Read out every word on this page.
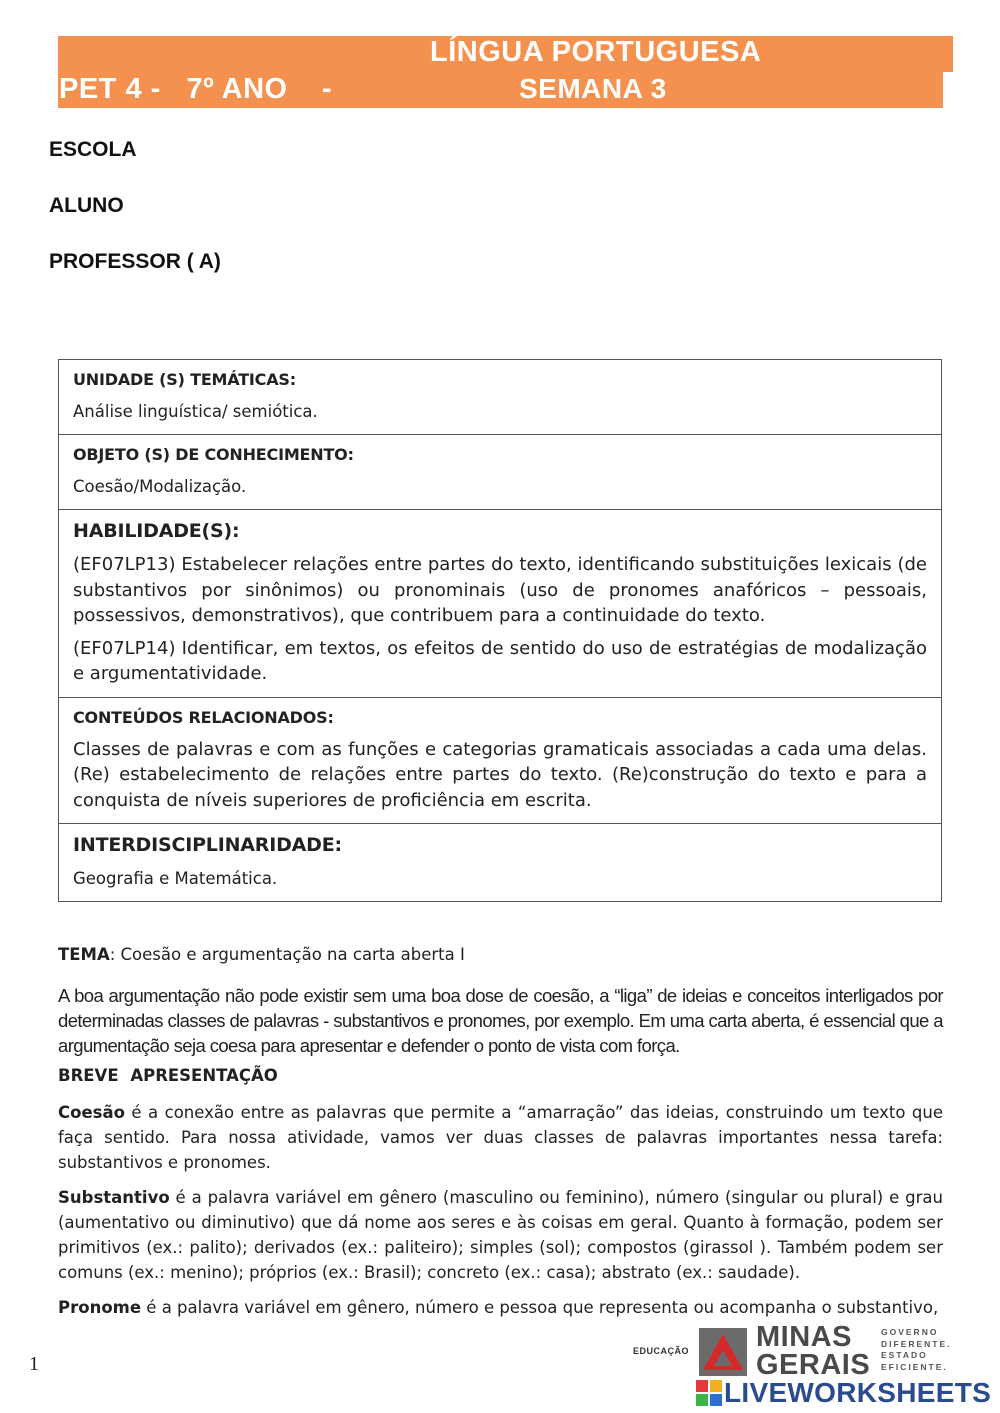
LÍNGUA PORTUGUESA
PET 4 -   7º ANO    -	SEMANA 3
ESCOLA
ALUNO
PROFESSOR ( A)
UNIDADE (S) TEMÁTICAS:
Análise linguística/ semiótica.
OBJETO (S) DE CONHECIMENTO:
Coesão/Modalização.
HABILIDADE(S):
(EF07LP13) Estabelecer relações entre partes do texto, identificando substituições lexicais (de substantivos por sinônimos) ou pronominais (uso de pronomes anafóricos – pessoais, possessivos, demonstrativos), que contribuem para a continuidade do texto.
(EF07LP14) Identificar, em textos, os efeitos de sentido do uso de estratégias de modalização e argumentatividade.
CONTEÚDOS RELACIONADOS:
Classes de palavras e com as funções e categorias gramaticais associadas a cada uma delas. (Re) estabelecimento de relações entre partes do texto. (Re)construção do texto e para a conquista de níveis superiores de proficiência em escrita.
INTERDISCIPLINARIDADE:
Geografia e Matemática.
TEMA: Coesão e argumentação na carta aberta I
A boa argumentação não pode existir sem uma boa dose de coesão, a “liga” de ideias e conceitos interligados por determinadas classes de palavras - substantivos e pronomes, por exemplo. Em uma carta aberta, é essencial que a argumentação seja coesa para apresentar e defender o ponto de vista com força.
BREVE APRESENTAÇÃO
Coesão é a conexão entre as palavras que permite a “amarração” das ideias, construindo um texto que faça sentido. Para nossa atividade, vamos ver duas classes de palavras importantes nessa tarefa: substantivos e pronomes.
Substantivo é a palavra variável em gênero (masculino ou feminino), número (singular ou plural) e grau (aumentativo ou diminutivo) que dá nome aos seres e às coisas em geral. Quanto à formação, podem ser primitivos (ex.: palito); derivados (ex.: paliteiro); simples (sol); compostos (girassol ). Também podem ser comuns (ex.: menino); próprios (ex.: Brasil); concreto (ex.: casa); abstrato (ex.: saudade).
Pronome é a palavra variável em gênero, número e pessoa que representa ou acompanha o substantivo,
1
EDUCAÇÃO MINAS
GERAIS
GOVERNO
DIFERENTE.
ESTADO
EFICIENTE.
LIVEWORKSHEETS
